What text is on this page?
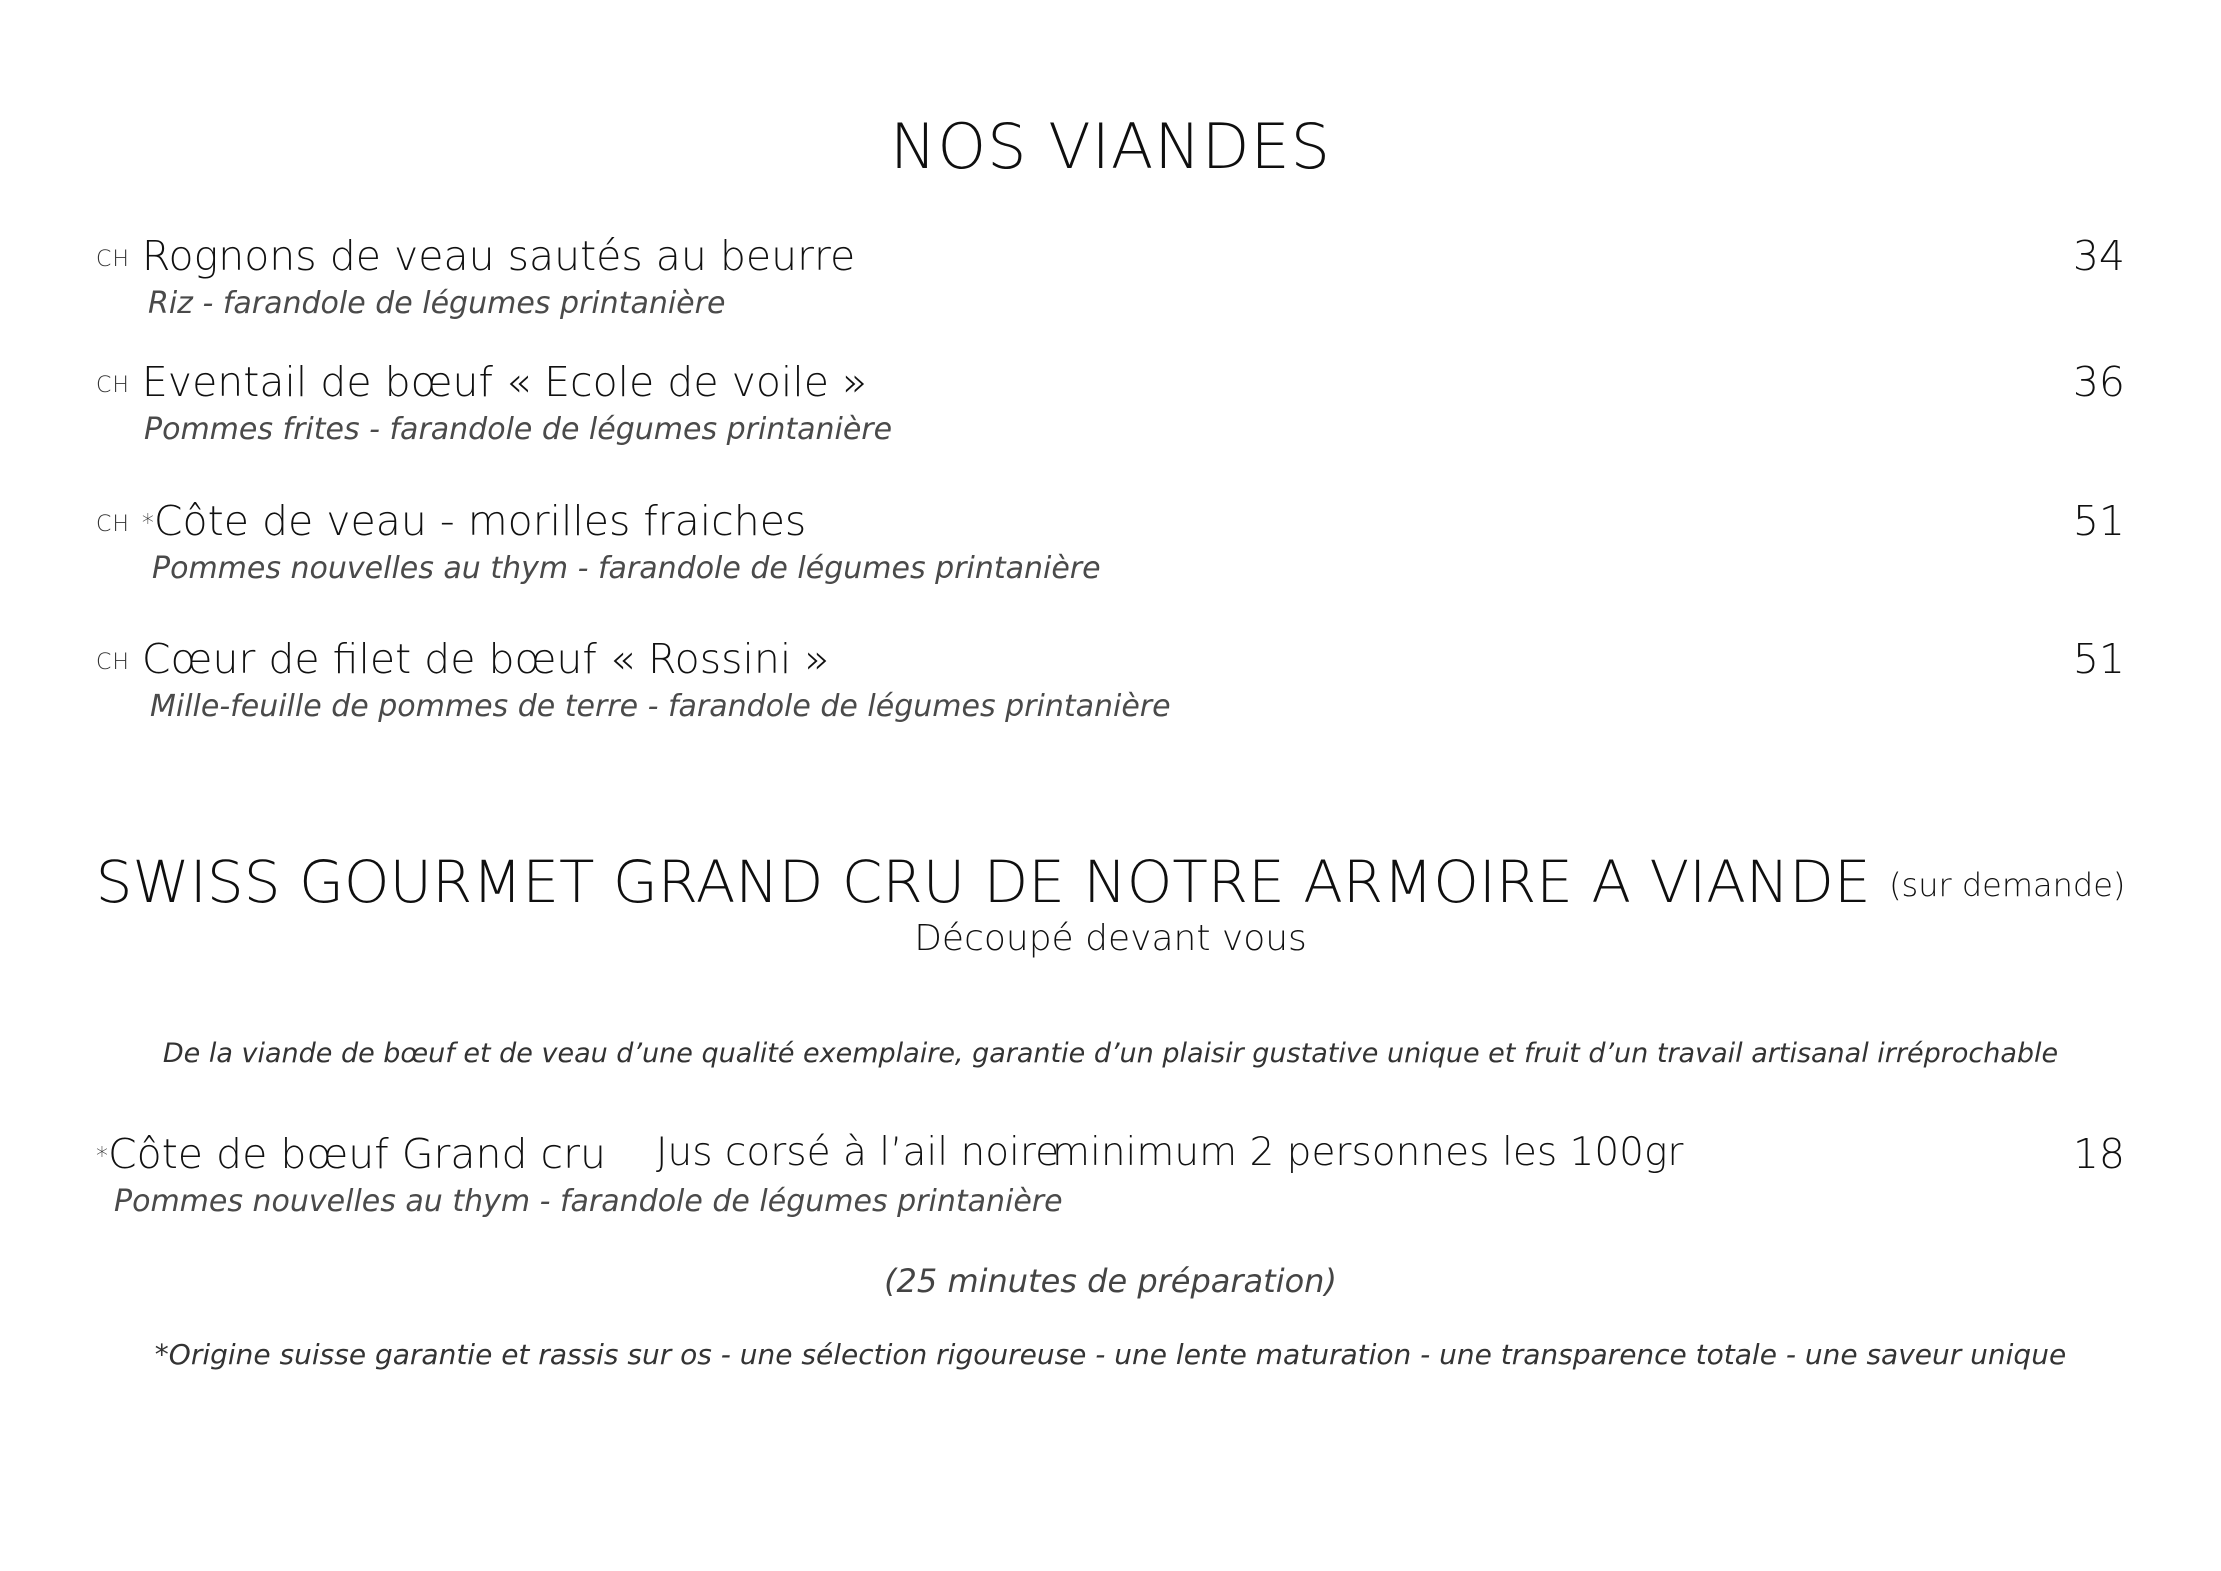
NOS VIANDES
CH Rognons de veau sautés au beurre
Riz - farandole de légumes printanière
34
CH Eventail de bœuf « Ecole de voile »
Pommes frites - farandole de légumes printanière
36
CH *Côte de veau - morilles fraiches
Pommes nouvelles au thym - farandole de légumes printanière
51
CH Cœur de filet de bœuf « Rossini »
Mille-feuille de pommes de terre - farandole de légumes printanière
51
SWISS GOURMET GRAND CRU DE NOTRE ARMOIRE A VIANDE (sur demande)
Découpé devant vous
De la viande de bœuf et de veau d’une qualité exemplaire, garantie d’un plaisir gustative unique et fruit d’un travail artisanal irréprochable
*Côte de bœuf Grand cru Jus corsé à l’ail noire
minimum 2 personnes les 100gr	18
Pommes nouvelles au thym - farandole de légumes printanière
(25 minutes de préparation)
*Origine suisse garantie et rassis sur os - une sélection rigoureuse - une lente maturation - une transparence totale - une saveur unique
